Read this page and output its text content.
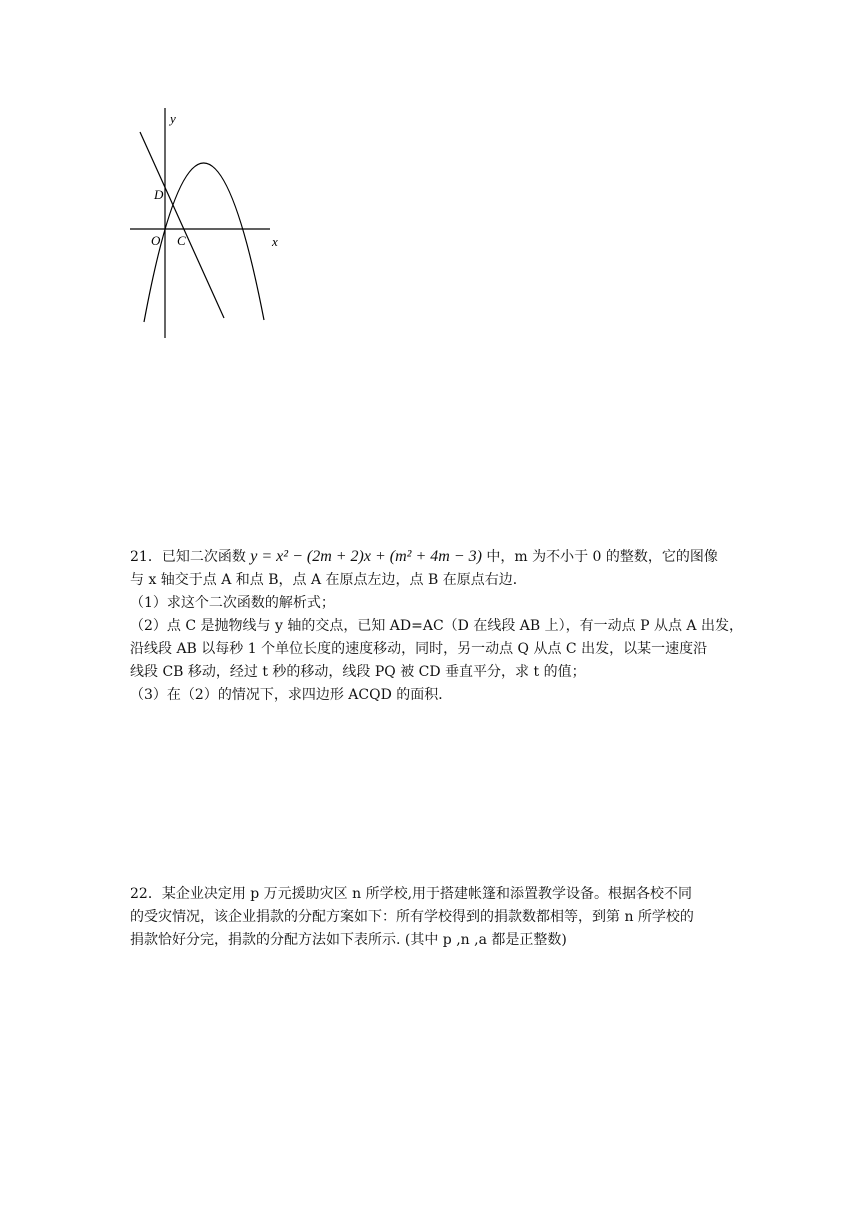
y
x
O C
D
21．已知二次函数 y = x² − (2m + 2)x + (m² + 4m − 3) 中，m 为不小于 0 的整数，它的图像
与 x 轴交于点 A 和点 B，点 A 在原点左边，点 B 在原点右边．
（1）求这个二次函数的解析式；
（2）点 C 是抛物线与 y 轴的交点，已知 AD=AC（D 在线段 AB 上），有一动点 P 从点 A 出发，
沿线段 AB 以每秒 1 个单位长度的速度移动，同时，另一动点 Q 从点 C 出发，以某一速度沿
线段 CB 移动，经过 t 秒的移动，线段 PQ 被 CD 垂直平分，求 t 的值；
（3）在（2）的情况下，求四边形 ACQD 的面积．
22．某企业决定用 p 万元援助灾区 n 所学校,用于搭建帐篷和添置教学设备。根据各校不同
的受灾情况，该企业捐款的分配方案如下：所有学校得到的捐款数都相等，到第 n 所学校的
捐款恰好分完，捐款的分配方法如下表所示. (其中 p ,n ,a 都是正整数)
